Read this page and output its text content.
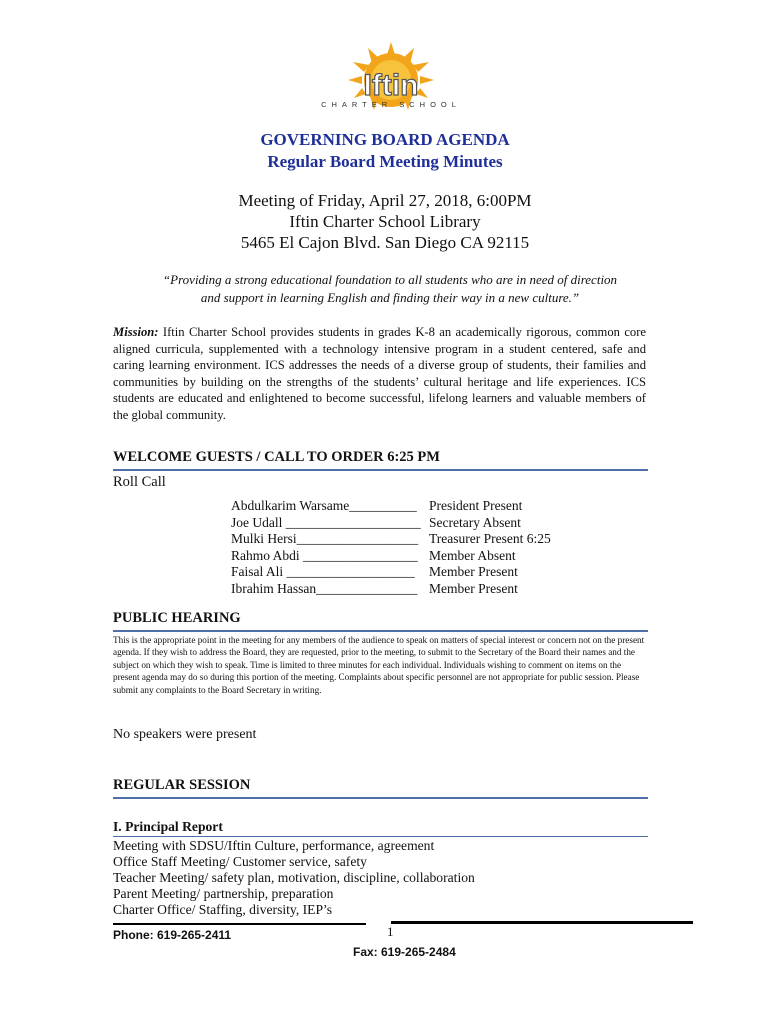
Iftin
CHARTER SCHOOL
GOVERNING BOARD AGENDA
Regular Board Meeting Minutes
Meeting of Friday, April 27, 2018, 6:00PM
Iftin Charter School Library
5465 El Cajon Blvd. San Diego CA 92115
“Providing a strong educational foundation to all students who are in need of direction
and support in learning English and finding their way in a new culture.”
Mission: Iftin Charter School provides students in grades K-8 an academically rigorous, common core aligned curricula, supplemented with a technology intensive program in a student centered, safe and caring learning environment. ICS addresses the needs of a diverse group of students, their families and communities by building on the strengths of the students’ cultural heritage and life experiences. ICS students are educated and enlightened to become successful, lifelong learners and valuable members of the global community.
WELCOME GUESTS / CALL TO ORDER 6:25 PM
Roll Call
Abdulkarim Warsame__________ President Present
Joe Udall ____________________ Secretary Absent
Mulki Hersi__________________ Treasurer Present 6:25
Rahmo Abdi _________________ Member Absent
Faisal Ali ___________________	Member Present
Ibrahim Hassan_______________ Member Present
PUBLIC HEARING
This is the appropriate point in the meeting for any members of the audience to speak on matters of special interest or concern not on the present agenda. If they wish to address the Board, they are requested, prior to the meeting, to submit to the Secretary of the Board their names and the subject on which they wish to speak. Time is limited to three minutes for each individual. Individuals wishing to comment on items on the present agenda may do so during this portion of the meeting. Complaints about specific personnel are not appropriate for public session. Please submit any complaints to the Board Secretary in writing.
No speakers were present
REGULAR SESSION
I. Principal Report
Meeting with SDSU/Iftin Culture, performance, agreement
Office Staff Meeting/ Customer service, safety
Teacher Meeting/ safety plan, motivation, discipline, collaboration
Parent Meeting/ partnership, preparation
Charter Office/ Staffing, diversity, IEP’s
Phone: 619-265-2411	1
Fax: 619-265-2484
